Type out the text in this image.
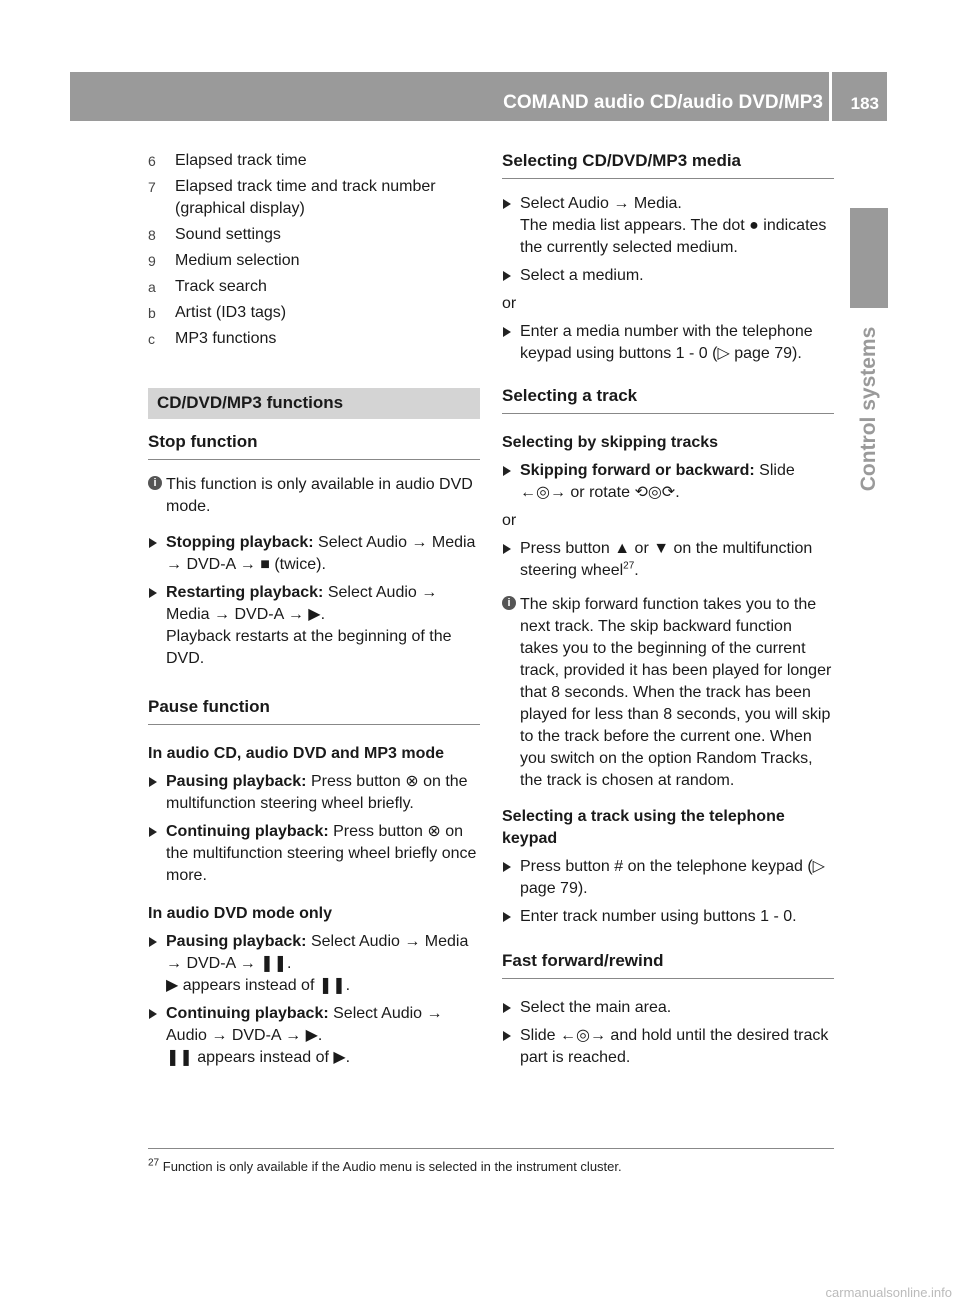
COMAND audio CD/audio DVD/MP3 183
Control systems
6	Elapsed track time
7	Elapsed track time and track number (graphical display)
8	Sound settings
9	Medium selection
a	Track search
b	Artist (ID3 tags)
c	MP3 functions
CD/DVD/MP3 functions
Stop function
i This function is only available in audio DVD mode.
Stopping playback: Select Audio → Media → DVD-A → ■ (twice).
Restarting playback: Select Audio → Media → DVD-A → ▶.
Playback restarts at the beginning of the DVD.
Pause function
In audio CD, audio DVD and MP3 mode
Pausing playback: Press button ⊗ on the multifunction steering wheel briefly.
Continuing playback: Press button ⊗ on the multifunction steering wheel briefly once more.
In audio DVD mode only
Pausing playback: Select Audio → Media → DVD-A → ❚❚.
▶ appears instead of ❚❚.
Continuing playback: Select Audio → Audio → DVD-A → ▶.
❚❚ appears instead of ▶.
Selecting CD/DVD/MP3 media
Select Audio → Media.
The media list appears. The dot ● indicates the currently selected medium.
Select a medium.
or
Enter a media number with the telephone keypad using buttons 1 - 0 (▷ page 79).
Selecting a track
Selecting by skipping tracks
Skipping forward or backward: Slide ←◎→ or rotate ⟲◎⟳.
or
Press button ▲ or ▼ on the multifunction steering wheel$^{27}$.
i The skip forward function takes you to the next track. The skip backward function takes you to the beginning of the current track, provided it has been played for longer that 8 seconds. When the track has been played for less than 8 seconds, you will skip to the track before the current one. When you switch on the option Random Tracks, the track is chosen at random.
Selecting a track using the telephone keypad
Press button # on the telephone keypad (▷ page 79).
Enter track number using buttons 1 - 0.
Fast forward/rewind
Select the main area.
Slide ←◎→ and hold until the desired track part is reached.
$^{27}$ Function is only available if the Audio menu is selected in the instrument cluster.
carmanualsonline.info
